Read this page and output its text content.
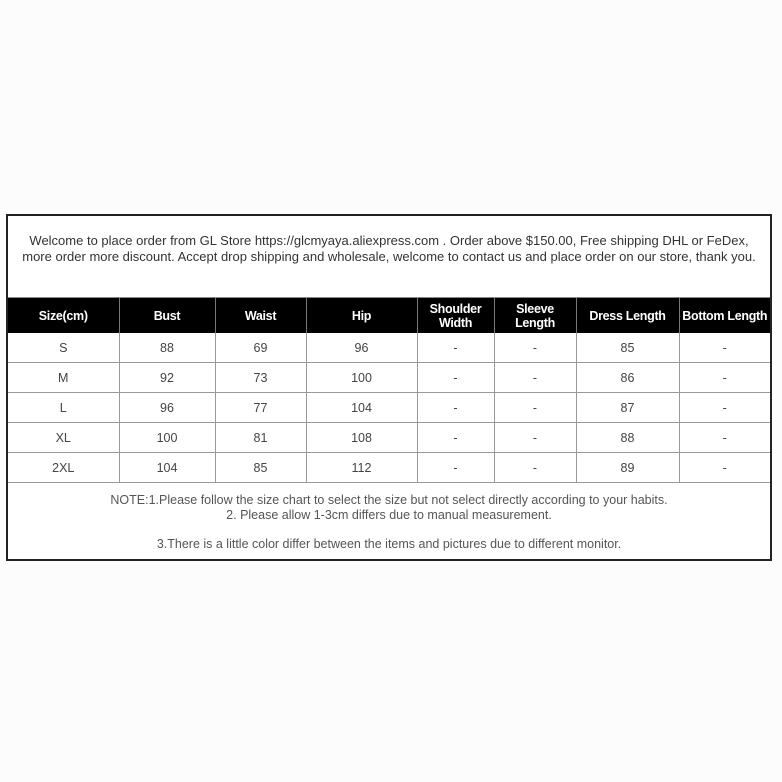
Welcome to place order from GL Store https://glcmyaya.aliexpress.com . Order above $150.00, Free shipping DHL or FeDex, more order more discount. Accept drop shipping and wholesale, welcome to contact us and place order on our store, thank you.
Size(cm)	Bust	Waist	Hip	Shoulder Width	Sleeve Length	Dress Length	Bottom Length
S	88	69	96	-	-	85	-
M	92	73	100	-	-	86	-
L	96	77	104	-	-	87	-
XL	100	81	108	-	-	88	-
2XL	104	85	112	-	-	89	-
NOTE:1.Please follow the size chart to select the size but not select directly according to your habits.
2. Please allow 1-3cm differs due to manual measurement.
3.There is a little color differ between the items and pictures due to different monitor.
